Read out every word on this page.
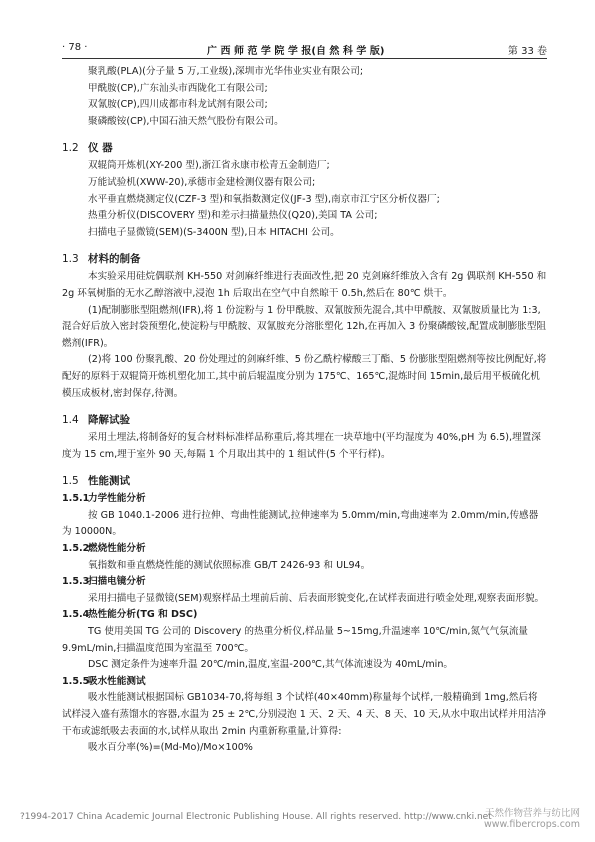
· 78 ·	广 西 师 范 学 院 学 报(自 然 科 学 版)	第 33 卷

聚乳酸(PLA)(分子量 5 万,工业级),深圳市光华伟业实业有限公司;

甲酰胺(CP),广东汕头市西陇化工有限公司;

双氰胺(CP),四川成都市科龙试剂有限公司;

聚磷酸铵(CP),中国石油天然气股份有限公司。

1.2 仪 器

双辊筒开炼机(XY-200 型),浙江省永康市松青五金制造厂;

万能试验机(XWW-20),承德市金建检测仪器有限公司;

水平垂直燃烧测定仪(CZF-3 型)和氧指数测定仪(JF-3 型),南京市江宁区分析仪器厂;

热重分析仪(DISCOVERY 型)和差示扫描量热仪(Q20),美国 TA 公司;

扫描电子显微镜(SEM)(S-3400N 型),日本 HITACHI 公司。

1.3 材料的制备

本实验采用硅烷偶联剂 KH-550 对剑麻纤维进行表面改性,把 20 克剑麻纤维放入含有 2g 偶联剂 KH-550 和 2g 环氧树脂的无水乙醇溶液中,浸泡 1h 后取出在空气中自然晾干 0.5h,然后在 80℃ 烘干。

(1)配制膨胀型阻燃剂(IFR),将 1 份淀粉与 1 份甲酰胺、双氰胺预先混合,其中甲酰胺、双氰胺质量比为 1:3,混合好后放入密封袋预塑化,使淀粉与甲酰胺、双氰胺充分溶胀塑化 12h,在再加入 3 份聚磷酸铵,配置成制膨胀型阻燃剂(IFR)。

(2)将 100 份聚乳酸、20 份处理过的剑麻纤维、5 份乙酰柠檬酸三丁酯、5 份膨胀型阻燃剂等按比例配好,将配好的原料于双辊筒开炼机塑化加工,其中前后辊温度分别为 175℃、165℃,混炼时间 15min,最后用平板硫化机模压成板材,密封保存,待测。

1.4 降解试验

采用土埋法,将制备好的复合材料标准样品称重后,将其埋在一块草地中(平均湿度为 40%,pH 为 6.5),埋置深度为 15 cm,埋于室外 90 天,每隔 1 个月取出其中的 1 组试件(5 个平行样)。

1.5 性能测试
1.5.1力学性能分析

按 GB 1040.1-2006 进行拉伸、弯曲性能测试,拉伸速率为 5.0mm/min,弯曲速率为 2.0mm/min,传感器为 10000N。

1.5.2燃烧性能分析

氧指数和垂直燃烧性能的测试依照标准 GB/T 2426-93 和 UL94。

1.5.3扫描电镜分析

采用扫描电子显微镜(SEM)观察样品土埋前后前、后表面形貌变化,在试样表面进行喷金处理,观察表面形貌。

1.5.4热性能分析(TG 和 DSC)

TG 使用美国 TG 公司的 Discovery 的热重分析仪,样品量 5~15mg,升温速率 10℃/min,氮气气氛流量 9.9mL/min,扫描温度范围为室温至 700℃。

DSC 测定条件为速率升温 20℃/min,温度,室温-200℃,其气体流速设为 40mL/min。

1.5.5吸水性能测试

吸水性能测试根据国标 GB1034-70,将每组 3 个试样(40×40mm)称量每个试样,一般精确到 1mg,然后将试样浸入盛有蒸馏水的容器,水温为 25 ± 2℃,分别浸泡 1 天、2 天、4 天、8 天、10 天,从水中取出试样并用洁净干布或滤纸吸去表面的水,试样从取出 2min 内重新称重量,计算得:

吸水百分率(%)=(Md-Mo)/Mo×100%

?1994-2017 China Academic Journal Electronic Publishing House. All rights reserved. http://www.cnki.net
天然作物营养与纺比网
www.fibercrops.com
